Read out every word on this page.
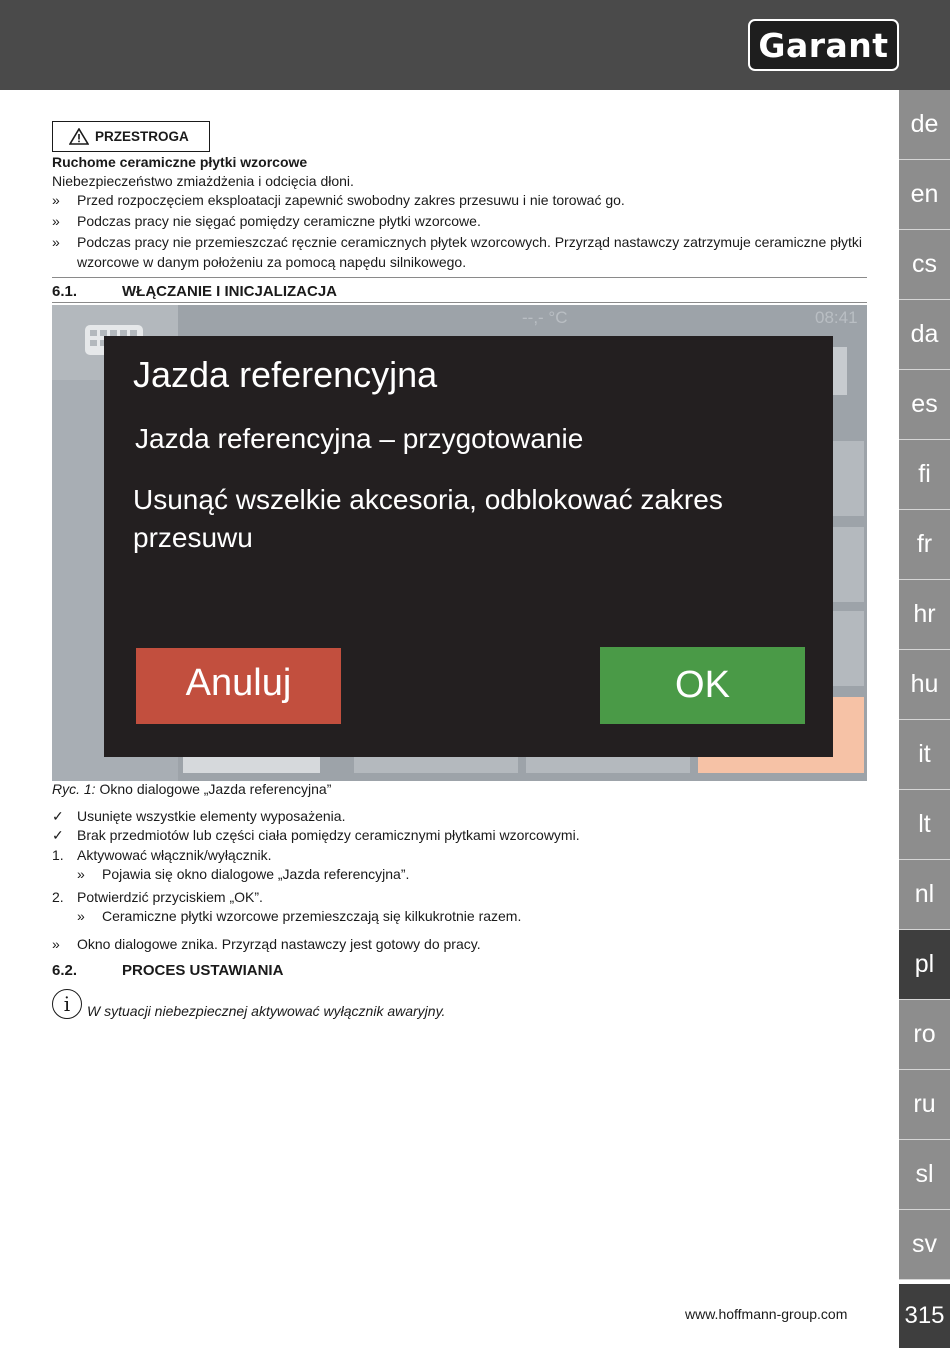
Garant
de
en
cs
da
es
fi
fr
hr
hu
it
lt
nl
pl
ro
ru
sl
sv
315
PRZESTROGA
Ruchome ceramiczne płytki wzorcowe
Niebezpieczeństwo zmiażdżenia i odcięcia dłoni.
» Przed rozpoczęciem eksploatacji zapewnić swobodny zakres przesuwu i nie torować go.
» Podczas pracy nie sięgać pomiędzy ceramiczne płytki wzorcowe.
» Podczas pracy nie przemieszczać ręcznie ceramicznych płytek wzorcowych. Przyrząd nastawczy zatrzymuje ceramiczne płytki wzorcowe w danym położeniu za pomocą napędu silnikowego.
6.1.	WŁĄCZANIE I INICJALIZACJA
--,- °C	08:41
Jazda referencyjna
Jazda referencyjna – przygotowanie
Usunąć wszelkie akcesoria, odblokować zakres przesuwu
Anuluj	OK
Ryc. 1: Okno dialogowe „Jazda referencyjna”
✓ Usunięte wszystkie elementy wyposażenia.
✓ Brak przedmiotów lub części ciała pomiędzy ceramicznymi płytkami wzorcowymi.
1. Aktywować włącznik/wyłącznik.
» Pojawia się okno dialogowe „Jazda referencyjna”.
2. Potwierdzić przyciskiem „OK”.
» Ceramiczne płytki wzorcowe przemieszczają się kilkukrotnie razem.
» Okno dialogowe znika. Przyrząd nastawczy jest gotowy do pracy.
6.2.	PROCES USTAWIANIA
i	W sytuacji niebezpiecznej aktywować wyłącznik awaryjny.
www.hoffmann-group.com
